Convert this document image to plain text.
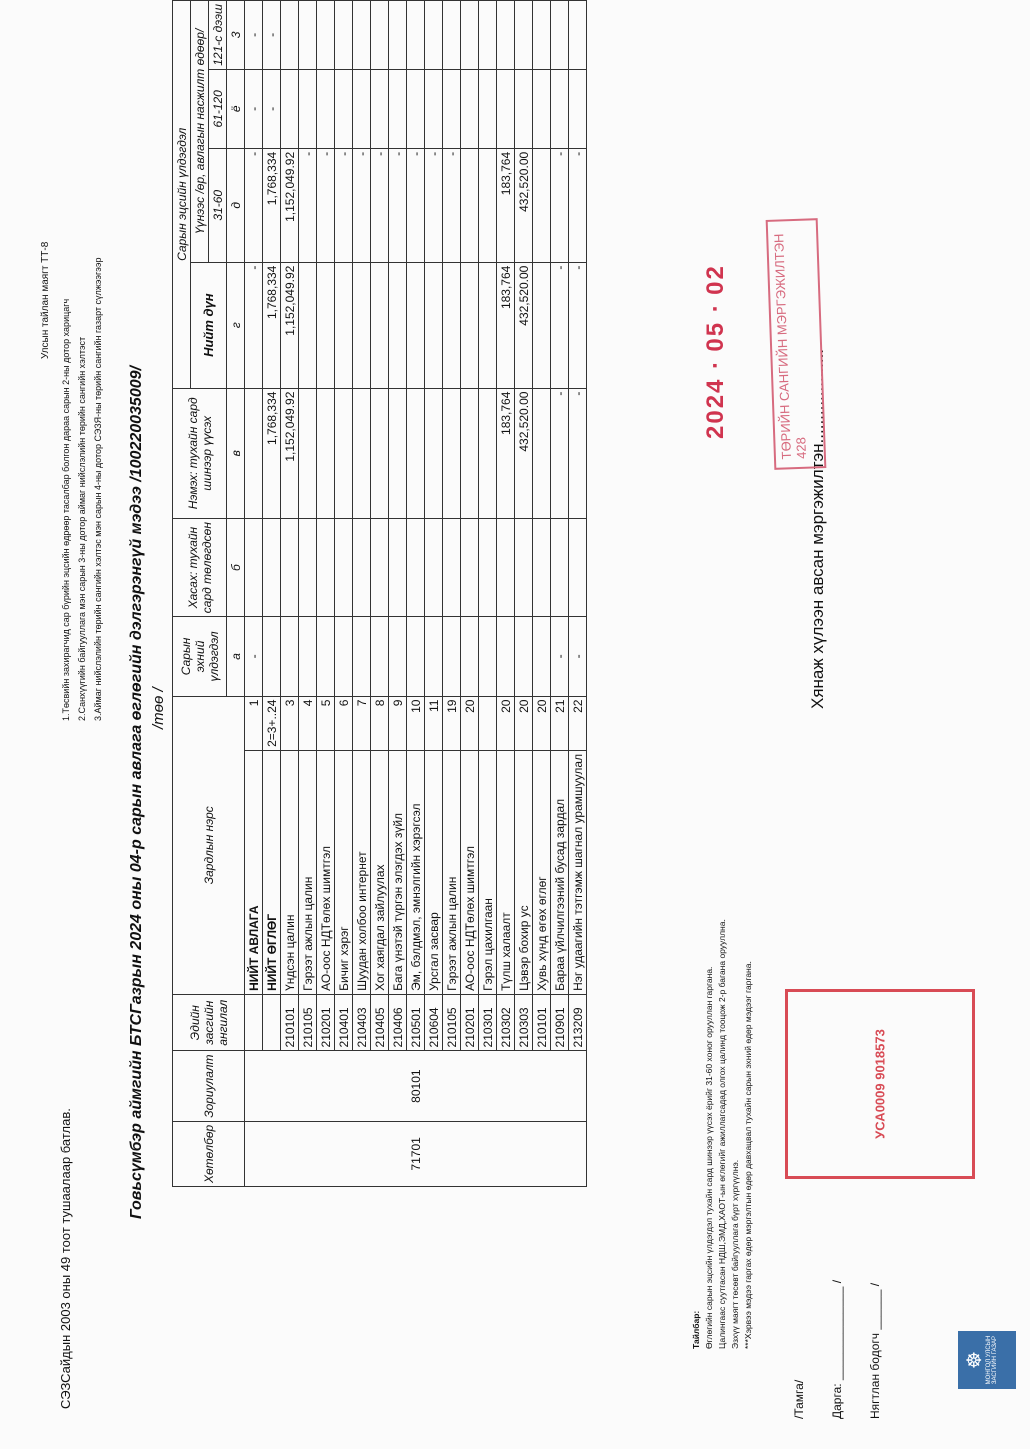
СЭЗСайдын 2003 оны 49 тоот тушаалаар батлав.
Улсын тайлан маягт ТТ-8	1.Төсвийн захирагчид сар бүрийн эцсийн өдрөөр тасалбар болгон дараа сарын 2-ны дотор харицагч 2.Санхүүгийн байгууллага мэн сарын 3-ны дотор аймаг нийслэлийн төрийн сангийн хэлтэст 3.Аймаг нийслэлийн төрийн сангийн хэлтэс мэн сарын 4-ны дотор СЭЗЯ-ны төрийн сангийн газарт сүлжээгээр Говьсүмбэр аймгийн БТСГазрын 2024 оны 04-р сарын авлага өглөгийн дэлгэрэнгүй мэдээ /100220035009/ /төө /
Хөтөлбөр	Зориулалт	Эдийн засгийн ангилал	Зардлын нэрс		Сарын эхний үлдэгдэл	Хасах: тухайн сард төлөгдсөн	Нэмэх: тухайн сард шинээр үүсэх	Сарын эцсийн үлдэгдэл			
								Нийт дүн	Үүнээс /өр, авлагын насжилт өдөөр/		
									31-60	61-120	121-с дээш
					а	б	в	г	д	ё	3
71701	80101		НИЙТ АВЛАГА	1	-			-	-	-	-
			НИЙТ ӨГЛӨГ	2=3+..24			1,768,334	1,768,334	1,768,334	-	-
		210101	Үндсэн цалин	3			1,152,049.92	1,152,049.92	1,152,049.92		
		210105	Гэрээт ажлын цалин	4					-		
		210201	АО-оос НДТөлөх шимтгэл	5					-		
		210401	Бичиг хэрэг	6					-		
		210403	Шуудан холбоо интернет	7					-		
		210405	Хог хаягдал зайлуулах	8					-		
		210406	Бага үнэтэй түргэн элэгдэх зүйл	9					-		
		210501	Эм, бэлдмэл, эмнэлгийн хэрэгсэл	10					-		
		210604	Урсгал засвар	11					-		
		210105	Гэрээт ажлын цалин	19					-		
		210201	АО-оос НДТөлөх шимтгэл	20							
		210301	Гэрэл цахилгаан								
		210302	Түлш халаалт	20			183,764	183,764	183,764		
		210303	Цэвэр бохир ус	20			432,520.00	432,520.00	432,520.00		
		210101	Хувь хүнд өгөх өглөг	20							
		210901	Бараа үйлчилгээний бусад зардал	21	-		-	-	-		
		213209	Нэг удаагийн тэтгэмж шагнал урамшуулал	22	-		-	-	-		
Тайлбар: Өглөгийн сарын эцсийн үлдэгдэл тухайн сард шинээр үүсэх ёрийг 31-60 хоног орууллан гаргана. Цалингаас суутгасан НДШ,ЭМД,ХАОТ-ын өглөгийг ажиллагсадад олгох цалинд тооцож 2-р багана орууллна. Эзхүү маягт төсөвт байгууллага бүрт хүргүүлнэ. ***Хэрвээ мэдээ гаргах өдөр мэргэлтын өдөр давхацвал тухайн сарын эхний өдөр мэдээг гаргана.
/Тамга/	Дарга: ______________ /	Нягтлан бодогч ______ /
Хянаж хүлээн авсан мэргэжилтэн....................
2024 ∙ 05 ∙ 02	ТӨРИЙН САНГИЙН МЭРГЭЖИЛТЭН 428
УСА0009 9018573
☸ МОНГОЛ УЛСЫН ЗАСГИЙН ГАЗАР
